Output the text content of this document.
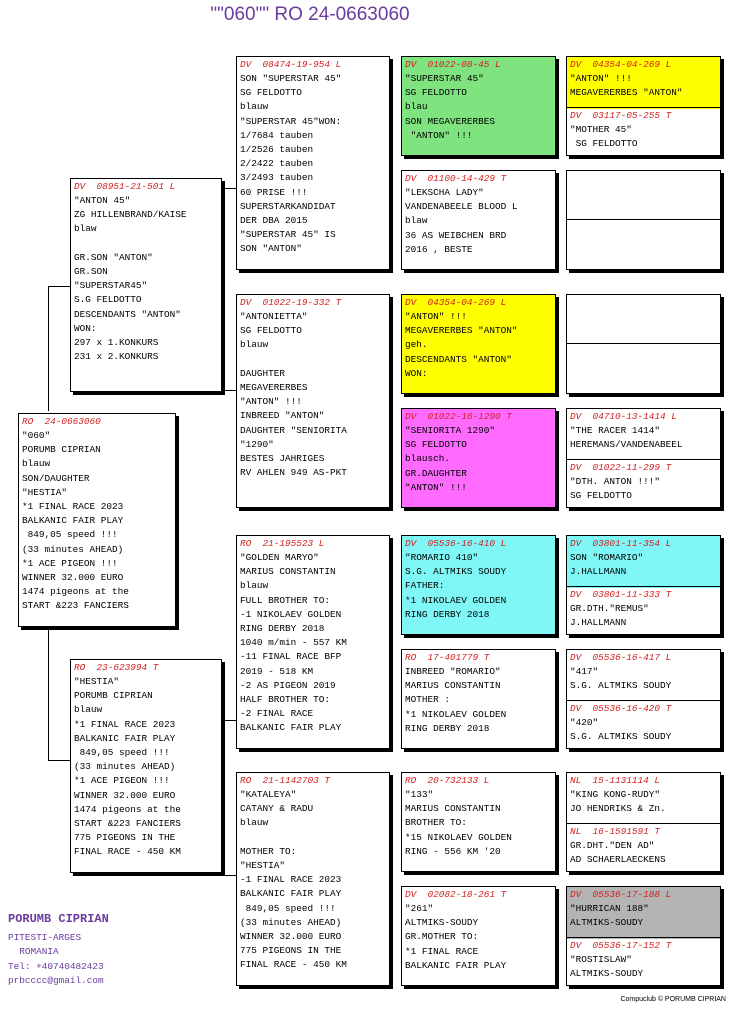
""060"" RO 24-0663060
RO  24-0663060
"060"
PORUMB CIPRIAN
blauw
SON/DAUGHTER
"HESTIA"
*1 FINAL RACE 2023
BALKANIC FAIR PLAY
849,05 speed !!!
(33 minutes AHEAD)
*1 ACE PIGEON !!!
WINNER 32.000 EURO
1474 pigeons at the
START &223 FANCIERS
DV  08951-21-501 L
"ANTON 45"
ZG HILLENBRAND/KAISE
blaw

GR.SON "ANTON"
GR.SON
"SUPERSTAR45"
S.G FELDOTTO
DESCENDANTS "ANTON"
WON:
297 x 1.KONKURS
231 x 2.KONKURS
RO  23-623994 T
"HESTIA"
PORUMB CIPRIAN
blauw
*1 FINAL RACE 2023
BALKANIC FAIR PLAY
849,05 speed !!!
(33 minutes AHEAD)
*1 ACE PIGEON !!!
WINNER 32.000 EURO
1474 pigeons at the
START &223 FANCIERS
775 PIGEONS IN THE
FINAL RACE - 450 KM
DV  08474-19-954 L
SON "SUPERSTAR 45"
SG FELDOTTO
blauw
"SUPERSTAR 45"WON:
1/7684 tauben
1/2526 tauben
2/2422 tauben
3/2493 tauben
60 PRISE !!!
SUPERSTARKANDIDAT
DER DBA 2015
"SUPERSTAR 45" IS
SON "ANTON"
DV  01022-19-332 T
"ANTONIETTA"
SG FELDOTTO
blauw

DAUGHTER
MEGAVERERBES
"ANTON" !!!
INBREED "ANTON"
DAUGHTER "SENIORITA
"1290"
BESTES JAHRIGES
RV AHLEN 949 AS-PKT
RO  21-195523 L
"GOLDEN MARYO"
MARIUS CONSTANTIN
blauw
FULL BROTHER TO:
-1 NIKOLAEV GOLDEN
RING DERBY 2018
1040 m/min - 557 KM
-11 FINAL RACE BFP
2019 - 518 KM
-2 AS PIGEON 2019
HALF BROTHER TO:
-2 FINAL RACE
BALKANIC FAIR PLAY
RO  21-1142703 T
"KATALEYA"
CATANY & RADU
blauw

MOTHER TO:
"HESTIA"
-1 FINAL RACE 2023
BALKANIC FAIR PLAY
849,05 speed !!!
(33 minutes AHEAD)
WINNER 32.000 EURO
775 PIGEONS IN THE
FINAL RACE - 450 KM
DV  01022-08-45 L
"SUPERSTAR 45"
SG FELDOTTO
blau
SON MEGAVERERBES
"ANTON" !!!
DV  01100-14-429 T
"LEKSCHA LADY"
VANDENABEELE BLOOD L
blaw
36 AS WEIBCHEN BRD
2016 , BESTE
DV  04354-04-269 L
"ANTON" !!!
MEGAVERERBES "ANTON"
geh.
DESCENDANTS "ANTON"
WON:
DV  01022-16-1290 T
"SENIORITA 1290"
SG FELDOTTO
blausch.
GR.DAUGHTER
"ANTON" !!!
DV  05536-16-410 L
"ROMARIO 410"
S.G. ALTMIKS SOUDY
FATHER:
*1 NIKOLAEV GOLDEN
RING DERBY 2018
RO  17-401779 T
INBREED "ROMARIO"
MARIUS CONSTANTIN
MOTHER :
*1 NIKOLAEV GOLDEN
RING DERBY 2018
RO  20-732133 L
"133"
MARIUS CONSTANTIN
BROTHER TO:
*15 NIKOLAEV GOLDEN
RING - 556 KM '20
DV  02082-18-261 T
"261"
ALTMIKS-SOUDY
GR.MOTHER TO:
*1 FINAL RACE
BALKANIC FAIR PLAY
DV  04354-04-269 L
"ANTON" !!!
MEGAVERERBES "ANTON"
DV  03117-05-255 T
"MOTHER 45"
SG FELDOTTO
DV  04710-13-1414 L
"THE RACER 1414"
HEREMANS/VANDENABEEL
DV  01022-11-299 T
"DTH. ANTON !!!"
SG FELDOTTO
DV  03801-11-354 L
SON "ROMARIO"
J.HALLMANN
DV  03801-11-333 T
GR.DTH."REMUS"
J.HALLMANN
DV  05536-16-417 L
"417"
S.G. ALTMIKS SOUDY
DV  05536-16-420 T
"420"
S.G. ALTMIKS SOUDY
NL  15-1131114 L
"KING KONG-RUDY"
JO HENDRIKS & Zn.
NL  16-1591591 T
GR.DHT."DEN AD"
AD SCHAERLAECKENS
DV  05536-17-188 L
"HURRICAN 188"
ALTMIKS-SOUDY
DV  05536-17-152 T
"ROSTISLAW"
ALTMIKS-SOUDY
PORUMB CIPRIAN
PITESTI-ARGES
ROMANIA
Tel: +40740482423
prbcccc@gmail.com
Compuclub © PORUMB CIPRIAN
